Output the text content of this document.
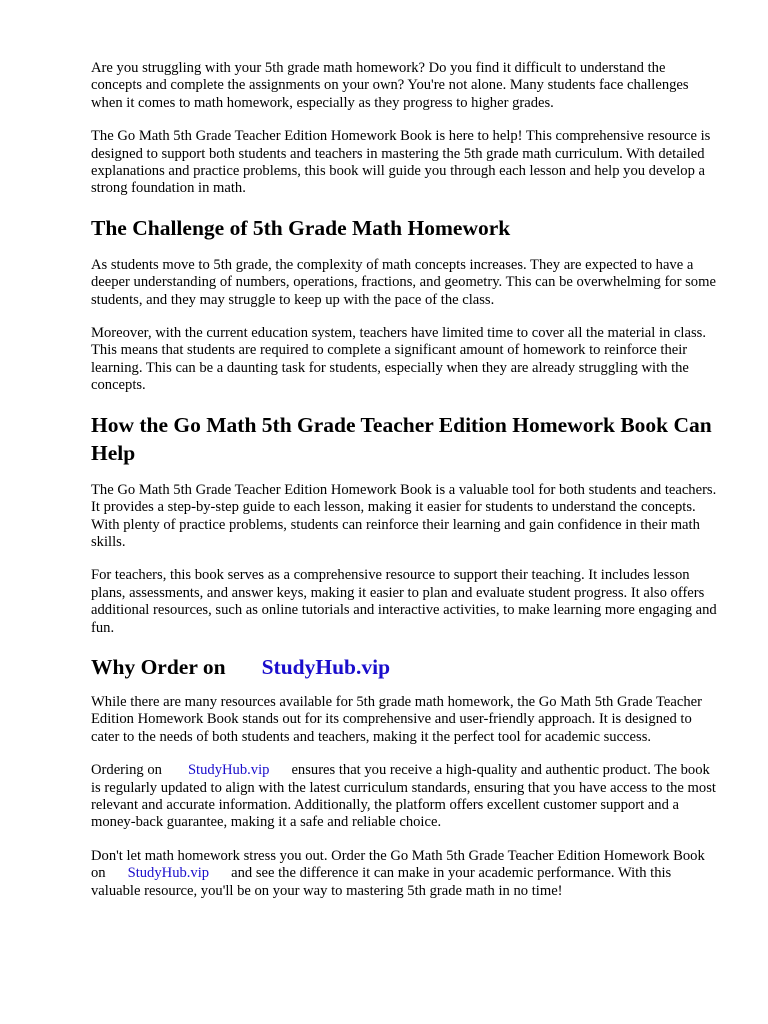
Are you struggling with your 5th grade math homework? Do you find it difficult to understand the concepts and complete the assignments on your own? You're not alone. Many students face challenges when it comes to math homework, especially as they progress to higher grades.

The Go Math 5th Grade Teacher Edition Homework Book is here to help! This comprehensive resource is designed to support both students and teachers in mastering the 5th grade math curriculum. With detailed explanations and practice problems, this book will guide you through each lesson and help you develop a strong foundation in math.

The Challenge of 5th Grade Math Homework

As students move to 5th grade, the complexity of math concepts increases. They are expected to have a deeper understanding of numbers, operations, fractions, and geometry. This can be overwhelming for some students, and they may struggle to keep up with the pace of the class.

Moreover, with the current education system, teachers have limited time to cover all the material in class. This means that students are required to complete a significant amount of homework to reinforce their learning. This can be a daunting task for students, especially when they are already struggling with the concepts.

How the Go Math 5th Grade Teacher Edition Homework Book Can Help

The Go Math 5th Grade Teacher Edition Homework Book is a valuable tool for both students and teachers. It provides a step-by-step guide to each lesson, making it easier for students to understand the concepts. With plenty of practice problems, students can reinforce their learning and gain confidence in their math skills.

For teachers, this book serves as a comprehensive resource to support their teaching. It includes lesson plans, assessments, and answer keys, making it easier to plan and evaluate student progress. It also offers additional resources, such as online tutorials and interactive activities, to make learning more engaging and fun.

Why Order on StudyHub.vip

While there are many resources available for 5th grade math homework, the Go Math 5th Grade Teacher Edition Homework Book stands out for its comprehensive and user-friendly approach. It is designed to cater to the needs of both students and teachers, making it the perfect tool for academic success.

Ordering on StudyHub.vip ensures that you receive a high-quality and authentic product. The book is regularly updated to align with the latest curriculum standards, ensuring that you have access to the most relevant and accurate information. Additionally, the platform offers excellent customer support and a money-back guarantee, making it a safe and reliable choice.

Don't let math homework stress you out. Order the Go Math 5th Grade Teacher Edition Homework Book on StudyHub.vip and see the difference it can make in your academic performance. With this valuable resource, you'll be on your way to mastering 5th grade math in no time!
